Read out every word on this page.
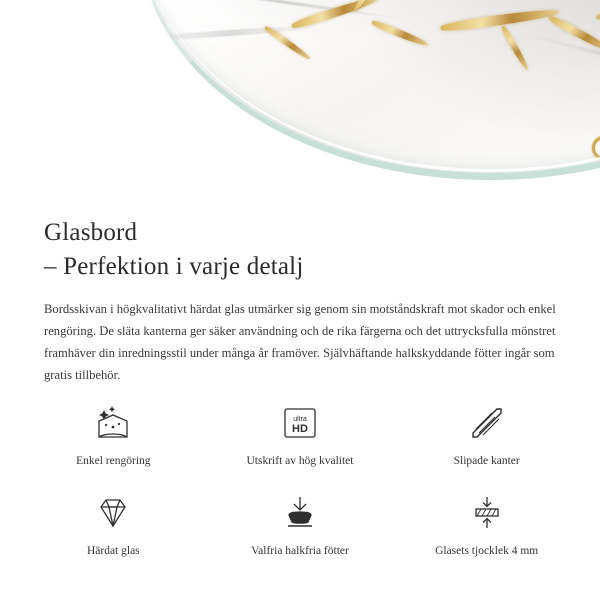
Glasbord
– Perfektion i varje detalj

Bordsskivan i högkvalitativt härdat glas utmärker sig genom sin motståndskraft mot skador och enkel rengöring. De släta kanterna ger säker användning och de rika färgerna och det uttrycksfulla mönstret framhäver din inredningsstil under många år framöver. Självhäftande halkskyddande fötter ingår som gratis tillbehör.

Enkel rengöring
ultra
HD
Utskrift av hög kvalitet	Slipade kanter
Härdat glas	Valfria halkfria fötter	Glasets tjocklek 4 mm
